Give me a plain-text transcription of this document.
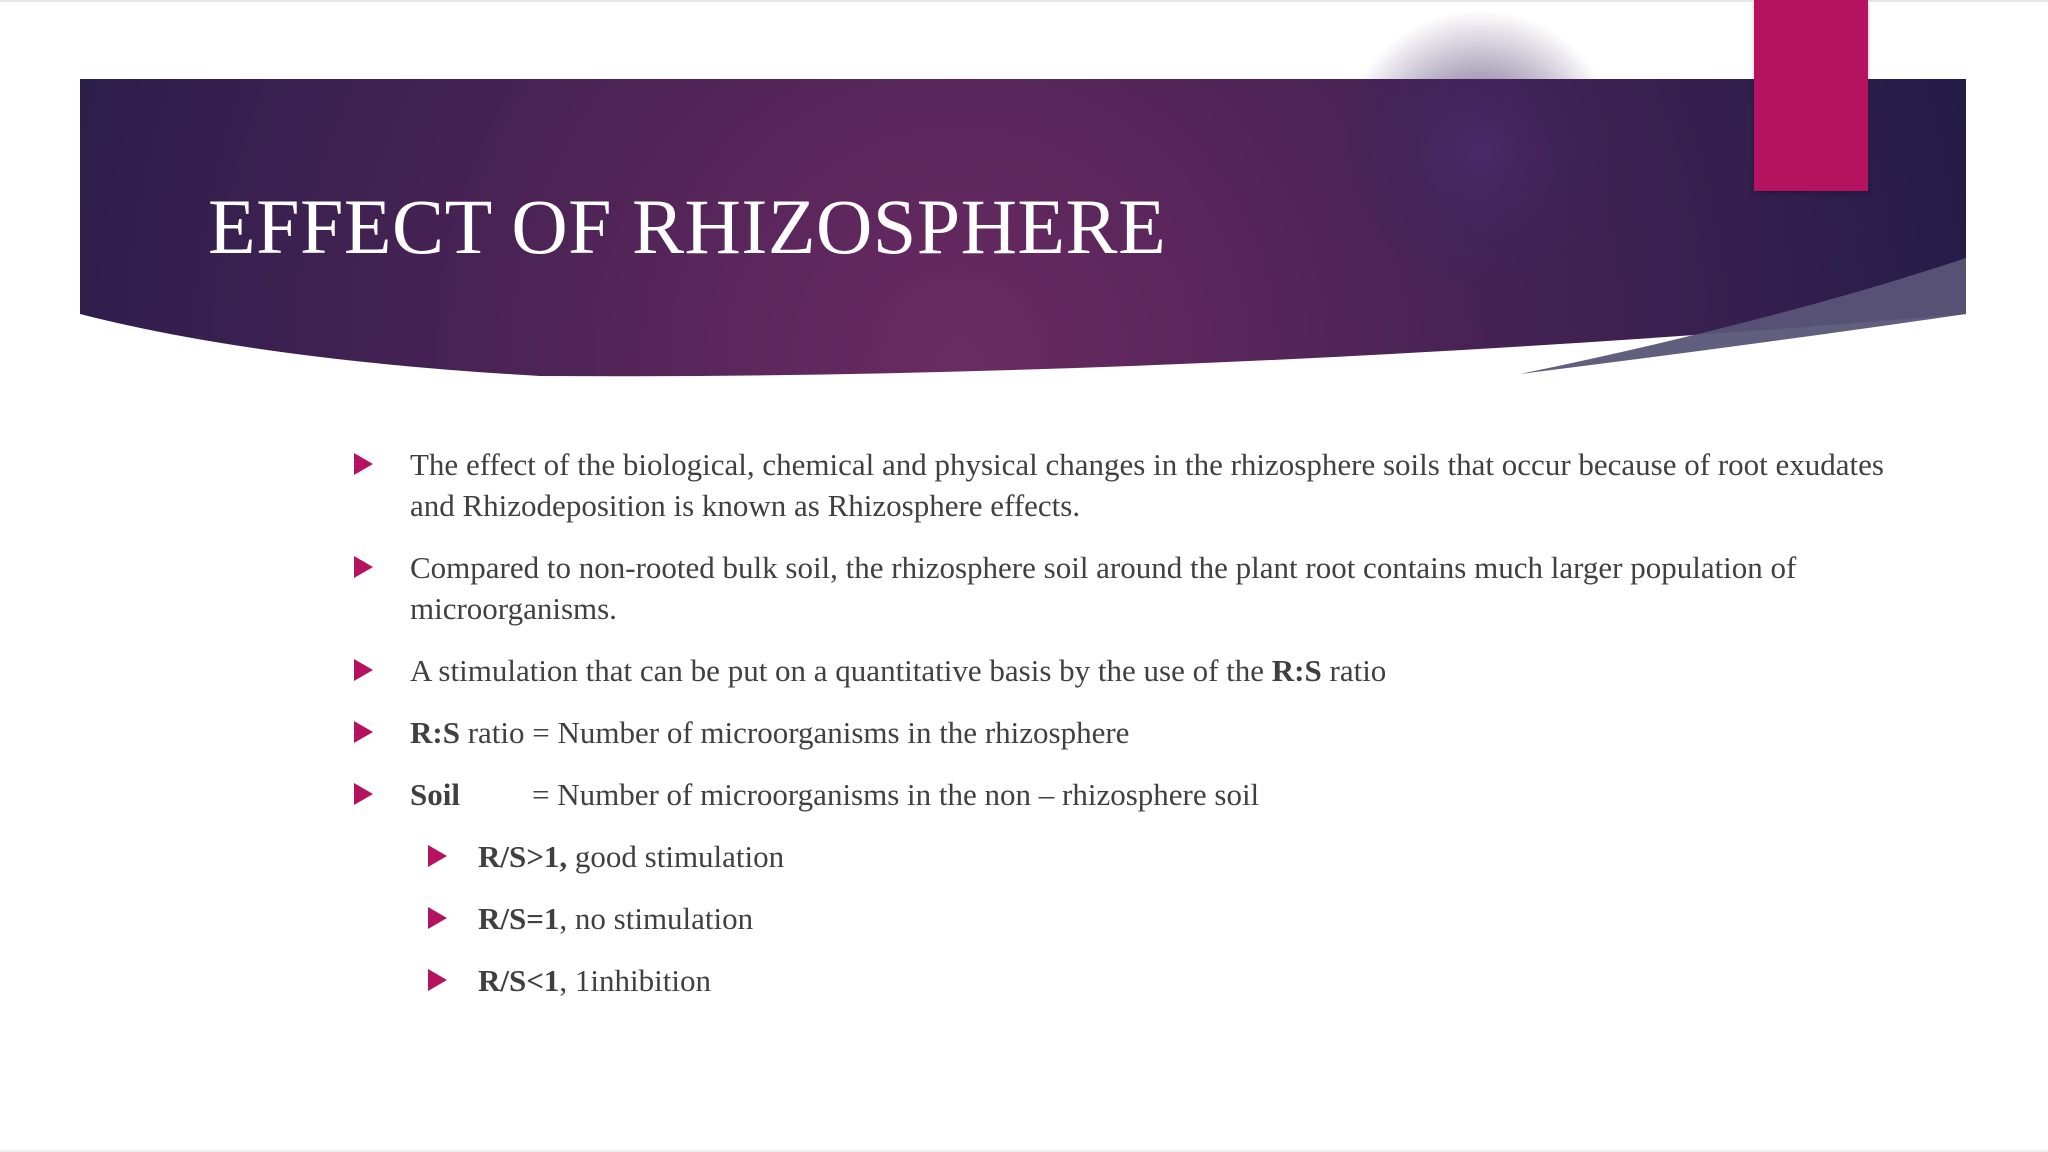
EFFECT OF RHIZOSPHERE
The effect of the biological, chemical and physical changes in the rhizosphere soils that occur because of root exudates and Rhizodeposition is known as Rhizosphere effects.
Compared to non-rooted bulk soil, the rhizosphere soil around the plant root contains much larger population of microorganisms.
A stimulation that can be put on a quantitative basis by the use of the R:S ratio
R:S ratio = Number of microorganisms in the rhizosphere
Soil = Number of microorganisms in the non – rhizosphere soil
R/S>1, good stimulation
R/S=1, no stimulation
R/S<1, 1inhibition
